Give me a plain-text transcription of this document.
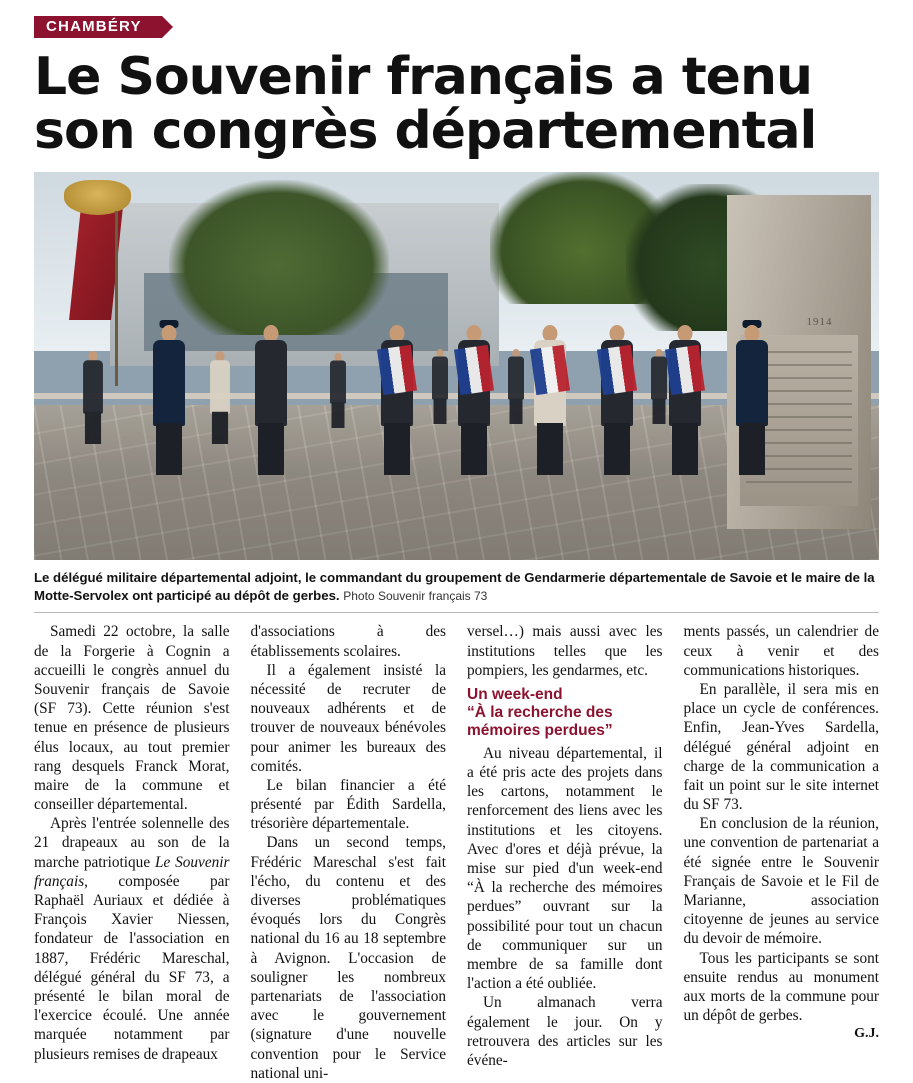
CHAMBÉRY
Le Souvenir français a tenu
son congrès départemental
1914
Le délégué militaire départemental adjoint, le commandant du groupement de Gendarmerie départementale de Savoie et le maire de la Motte-Servolex ont participé au dépôt de gerbes. Photo Souvenir français 73

Samedi 22 octobre, la salle de la Forgerie à Cognin a accueilli le congrès annuel du Souvenir français de Savoie (SF 73). Cette réunion s'est tenue en présence de plusieurs élus locaux, au tout premier rang desquels Franck Morat, maire de la commune et conseiller départemental.

Après l'entrée solennelle des 21 drapeaux au son de la marche patriotique Le Souvenir français, composée par Raphaël Auriaux et dédiée à François Xavier Niessen, fondateur de l'association en 1887, Frédéric Mareschal, délégué général du SF 73, a présenté le bilan moral de l'exercice écoulé. Une année marquée notamment par plusieurs remises de drapeaux

d'associations à des établissements scolaires.

Il a également insisté la nécessité de recruter de nouveaux adhérents et de trouver de nouveaux bénévoles pour animer les bureaux des comités.

Le bilan financier a été présenté par Édith Sardella, trésorière départementale.

Dans un second temps, Frédéric Mareschal s'est fait l'écho, du contenu et des diverses problématiques évoqués lors du Congrès national du 16 au 18 septembre à Avignon. L'occasion de souligner les nombreux partenariats de l'association avec le gouvernement (signature d'une nouvelle convention pour le Service national uni-

versel…) mais aussi avec les institutions telles que les pompiers, les gendarmes, etc.

Un week-end
“À la recherche des
mémoires perdues”

Au niveau départemental, il a été pris acte des projets dans les cartons, notamment le renforcement des liens avec les institutions et les citoyens. Avec d'ores et déjà prévue, la mise sur pied d'un week-end “À la recherche des mémoires perdues” ouvrant sur la possibilité pour tout un chacun de communiquer sur un membre de sa famille dont l'action a été oubliée.

Un almanach verra également le jour. On y retrouvera des articles sur les événe-

ments passés, un calendrier de ceux à venir et des communications historiques.

En parallèle, il sera mis en place un cycle de conférences. Enfin, Jean-Yves Sardella, délégué général adjoint en charge de la communication a fait un point sur le site internet du SF 73.

En conclusion de la réunion, une convention de partenariat a été signée entre le Souvenir Français de Savoie et le Fil de Marianne, association citoyenne de jeunes au service du devoir de mémoire.

Tous les participants se sont ensuite rendus au monument aux morts de la commune pour un dépôt de gerbes.

G.J.
